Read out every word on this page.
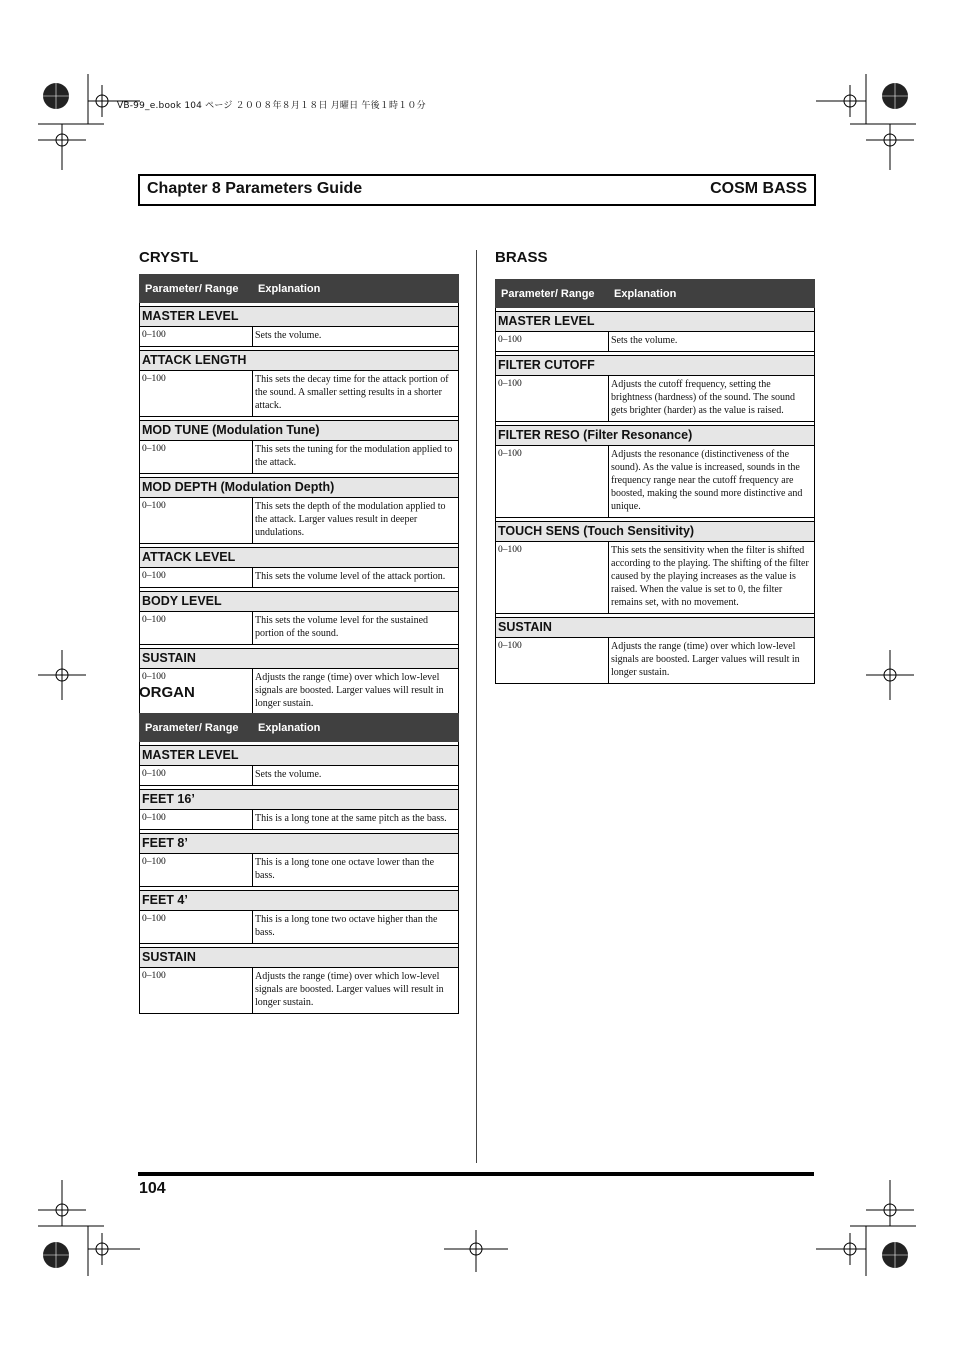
VB-99_e.book 104 ページ ２００８年８月１８日 月曜日 午後１時１０分
Chapter 8 Parameters Guide	COSM BASS
CRYSTL
Parameter/ Range	Explanation

MASTER LEVEL	
0–100	Sets the volume.

ATTACK LENGTH	
0–100	This sets the decay time for the attack portion of the sound. A smaller setting results in a shorter attack.

MOD TUNE (Modulation Tune)	
0–100	This sets the tuning for the modulation applied to the attack.

MOD DEPTH (Modulation Depth)	
0–100	This sets the depth of the modulation applied to the attack. Larger values result in deeper undulations.

ATTACK LEVEL	
0–100	This sets the volume level of the attack portion.

BODY LEVEL	
0–100	This sets the volume level for the sustained portion of the sound.

SUSTAIN	
0–100	Adjusts the range (time) over which low-level signals are boosted. Larger values will result in longer sustain.
ORGAN
Parameter/ Range	Explanation

MASTER LEVEL	
0–100	Sets the volume.

FEET 16’	
0–100	This is a long tone at the same pitch as the bass.

FEET 8’	
0–100	This is a long tone one octave lower than the bass.

FEET 4’	
0–100	This is a long tone two octave higher than the bass.

SUSTAIN	
0–100	Adjusts the range (time) over which low-level signals are boosted. Larger values will result in longer sustain.
BRASS
Parameter/ Range	Explanation

MASTER LEVEL	
0–100	Sets the volume.

FILTER CUTOFF	
0–100	Adjusts the cutoff frequency, setting the brightness (hardness) of the sound. The sound gets brighter (harder) as the value is raised.

FILTER RESO (Filter Resonance)	
0–100	Adjusts the resonance (distinctiveness of the sound). As the value is increased, sounds in the frequency range near the cutoff frequency are boosted, making the sound more distinctive and unique.

TOUCH SENS (Touch Sensitivity)	
0–100	This sets the sensitivity when the filter is shifted according to the playing. The shifting of the filter caused by the playing increases as the value is raised. When the value is set to 0, the filter remains set, with no movement.

SUSTAIN	
0–100	Adjusts the range (time) over which low-level signals are boosted. Larger values will result in longer sustain.
104
